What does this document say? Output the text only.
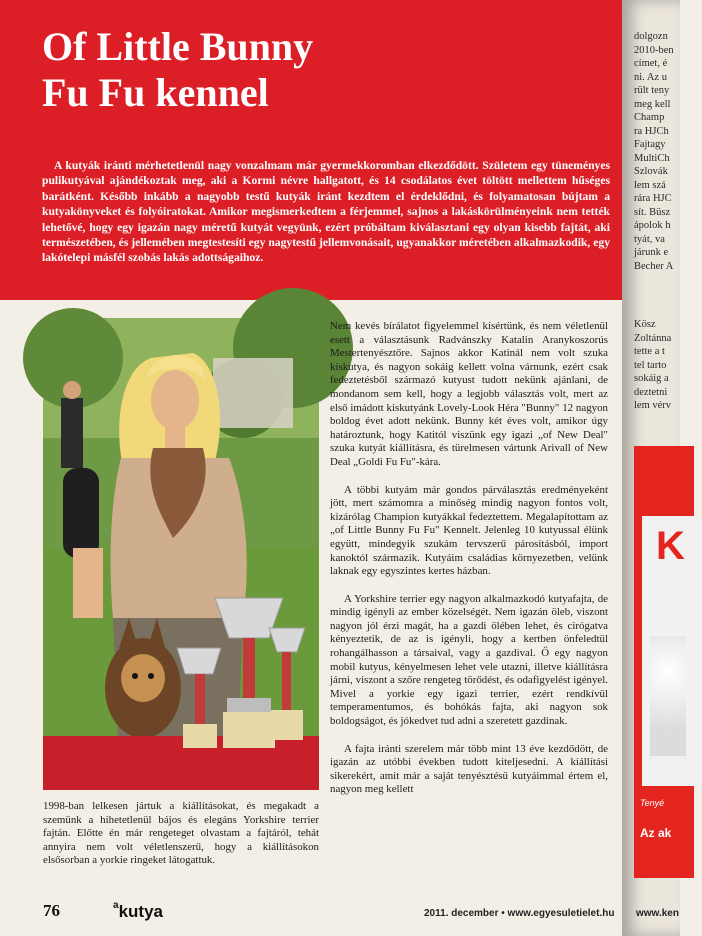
Of Little Bunny
Fu Fu kennel

A kutyák iránti mérhetetlenül nagy vonzalmam már gyermekkoromban elkezdődött. Születem egy tüneményes pulikutyával ajándékoztak meg, aki a Kormi névre hallgatott, és 14 csodálatos évet töltött mellettem hűséges barátként. Később inkább a nagyobb testű kutyák iránt kezdtem el érdeklődni, és folyamatosan bújtam a kutyakönyveket és folyóiratokat. Amikor megismerkedtem a férjemmel, sajnos a lakáskörülményeink nem tették lehetővé, hogy egy igazán nagy méretű kutyát vegyünk, ezért próbáltam kiválasztani egy olyan kisebb fajtát, aki természetében, és jellemében megtestesíti egy nagytestű jellemvonásait, ugyanakkor méretében alkalmazkodik, egy lakótelepi másfél szobás lakás adottságaihoz.

1998-ban lelkesen jártuk a kiállításokat, és megakadt a szemünk a hihetetlenül bájos és elegáns Yorkshire terrier fajtán. Előtte én már rengeteget olvastam a fajtáról, tehát annyira nem volt véletlenszerű, hogy a kiállításokon elsősorban a yorkie ringeket látogattuk.

Nem kevés bírálatot figyelemmel kísértünk, és nem véletlenül esett a választásunk Radvánszky Katalin Aranykoszorús Mestertenyésztőre. Sajnos akkor Katinál nem volt szuka kiskutya, és nagyon sokáig kellett volna várnunk, ezért csak fedeztetésből származó kutyust tudott nekünk ajánlani, de mondanom sem kell, hogy a legjobb választás volt, mert az első imádott kiskutyánk Lovely-Look Héra "Bunny" 12 nagyon boldog évet adott nekünk. Bunny két éves volt, amikor úgy határoztunk, hogy Katitól viszünk egy igazi „of New Deal" szuka kutyát kiállításra, és türelmesen vártunk Arivall of New Deal „Goldi Fu Fu"-kára.

A többi kutyám már gondos párválasztás eredményeként jött, mert számomra a minőség mindig nagyon fontos volt, kizárólag Champion kutyákkal fedeztettem. Megalapítottam az „of Little Bunny Fu Fu" Kennelt. Jelenleg 10 kutyussal élünk együtt, mindegyik szukám tervszerű párosításból, import kanoktól származik. Kutyáim családias környezetben, velünk laknak egy egyszintes kertes házban.

A Yorkshire terrier egy nagyon alkalmazkodó kutyafajta, de mindig igényli az ember közelségét. Nem igazán öleb, viszont nagyon jól érzi magát, ha a gazdi ölében lehet, és cirógatva kényeztetik, de az is igényli, hogy a kertben önfeledtül rohangálhasson a társaival, vagy a gazdival. Ő egy nagyon mobil kutyus, kényelmesen lehet vele utazni, illetve kiállításra járni, viszont a szőre rengeteg törődést, és odafigyelést igényel. Mivel a yorkie egy igazi terrier, ezért rendkívül temperamentumos, és bohókás fajta, aki nagyon sok boldogságot, és jókedvet tud adni a szeretett gazdinak.

A fajta iránti szerelem már több mint 13 éve kezdődött, de igazán az utóbbi években tudott kiteljesedni. A kiállítási sikerekért, amit már a saját tenyésztésű kutyáimmal értem el, nagyon meg kellett

76	$^a$kutya	2011. december • www.egyesuletielet.hu
dolgozn
2010-ben
címet, é
ni. Az u
rült teny
meg kell
Champ
ra HJCh
Fajtagy
MultiCh
Szlovák
lem szá
rára HJC
sít. Büsz
ápolok h
tyát, va
járunk e
Becher A
Kösz
Zoltánna
tette a t
tel tarto
sokáig a
deztetni
lem vérv
K
Tenyé
Az ak
www.ken
